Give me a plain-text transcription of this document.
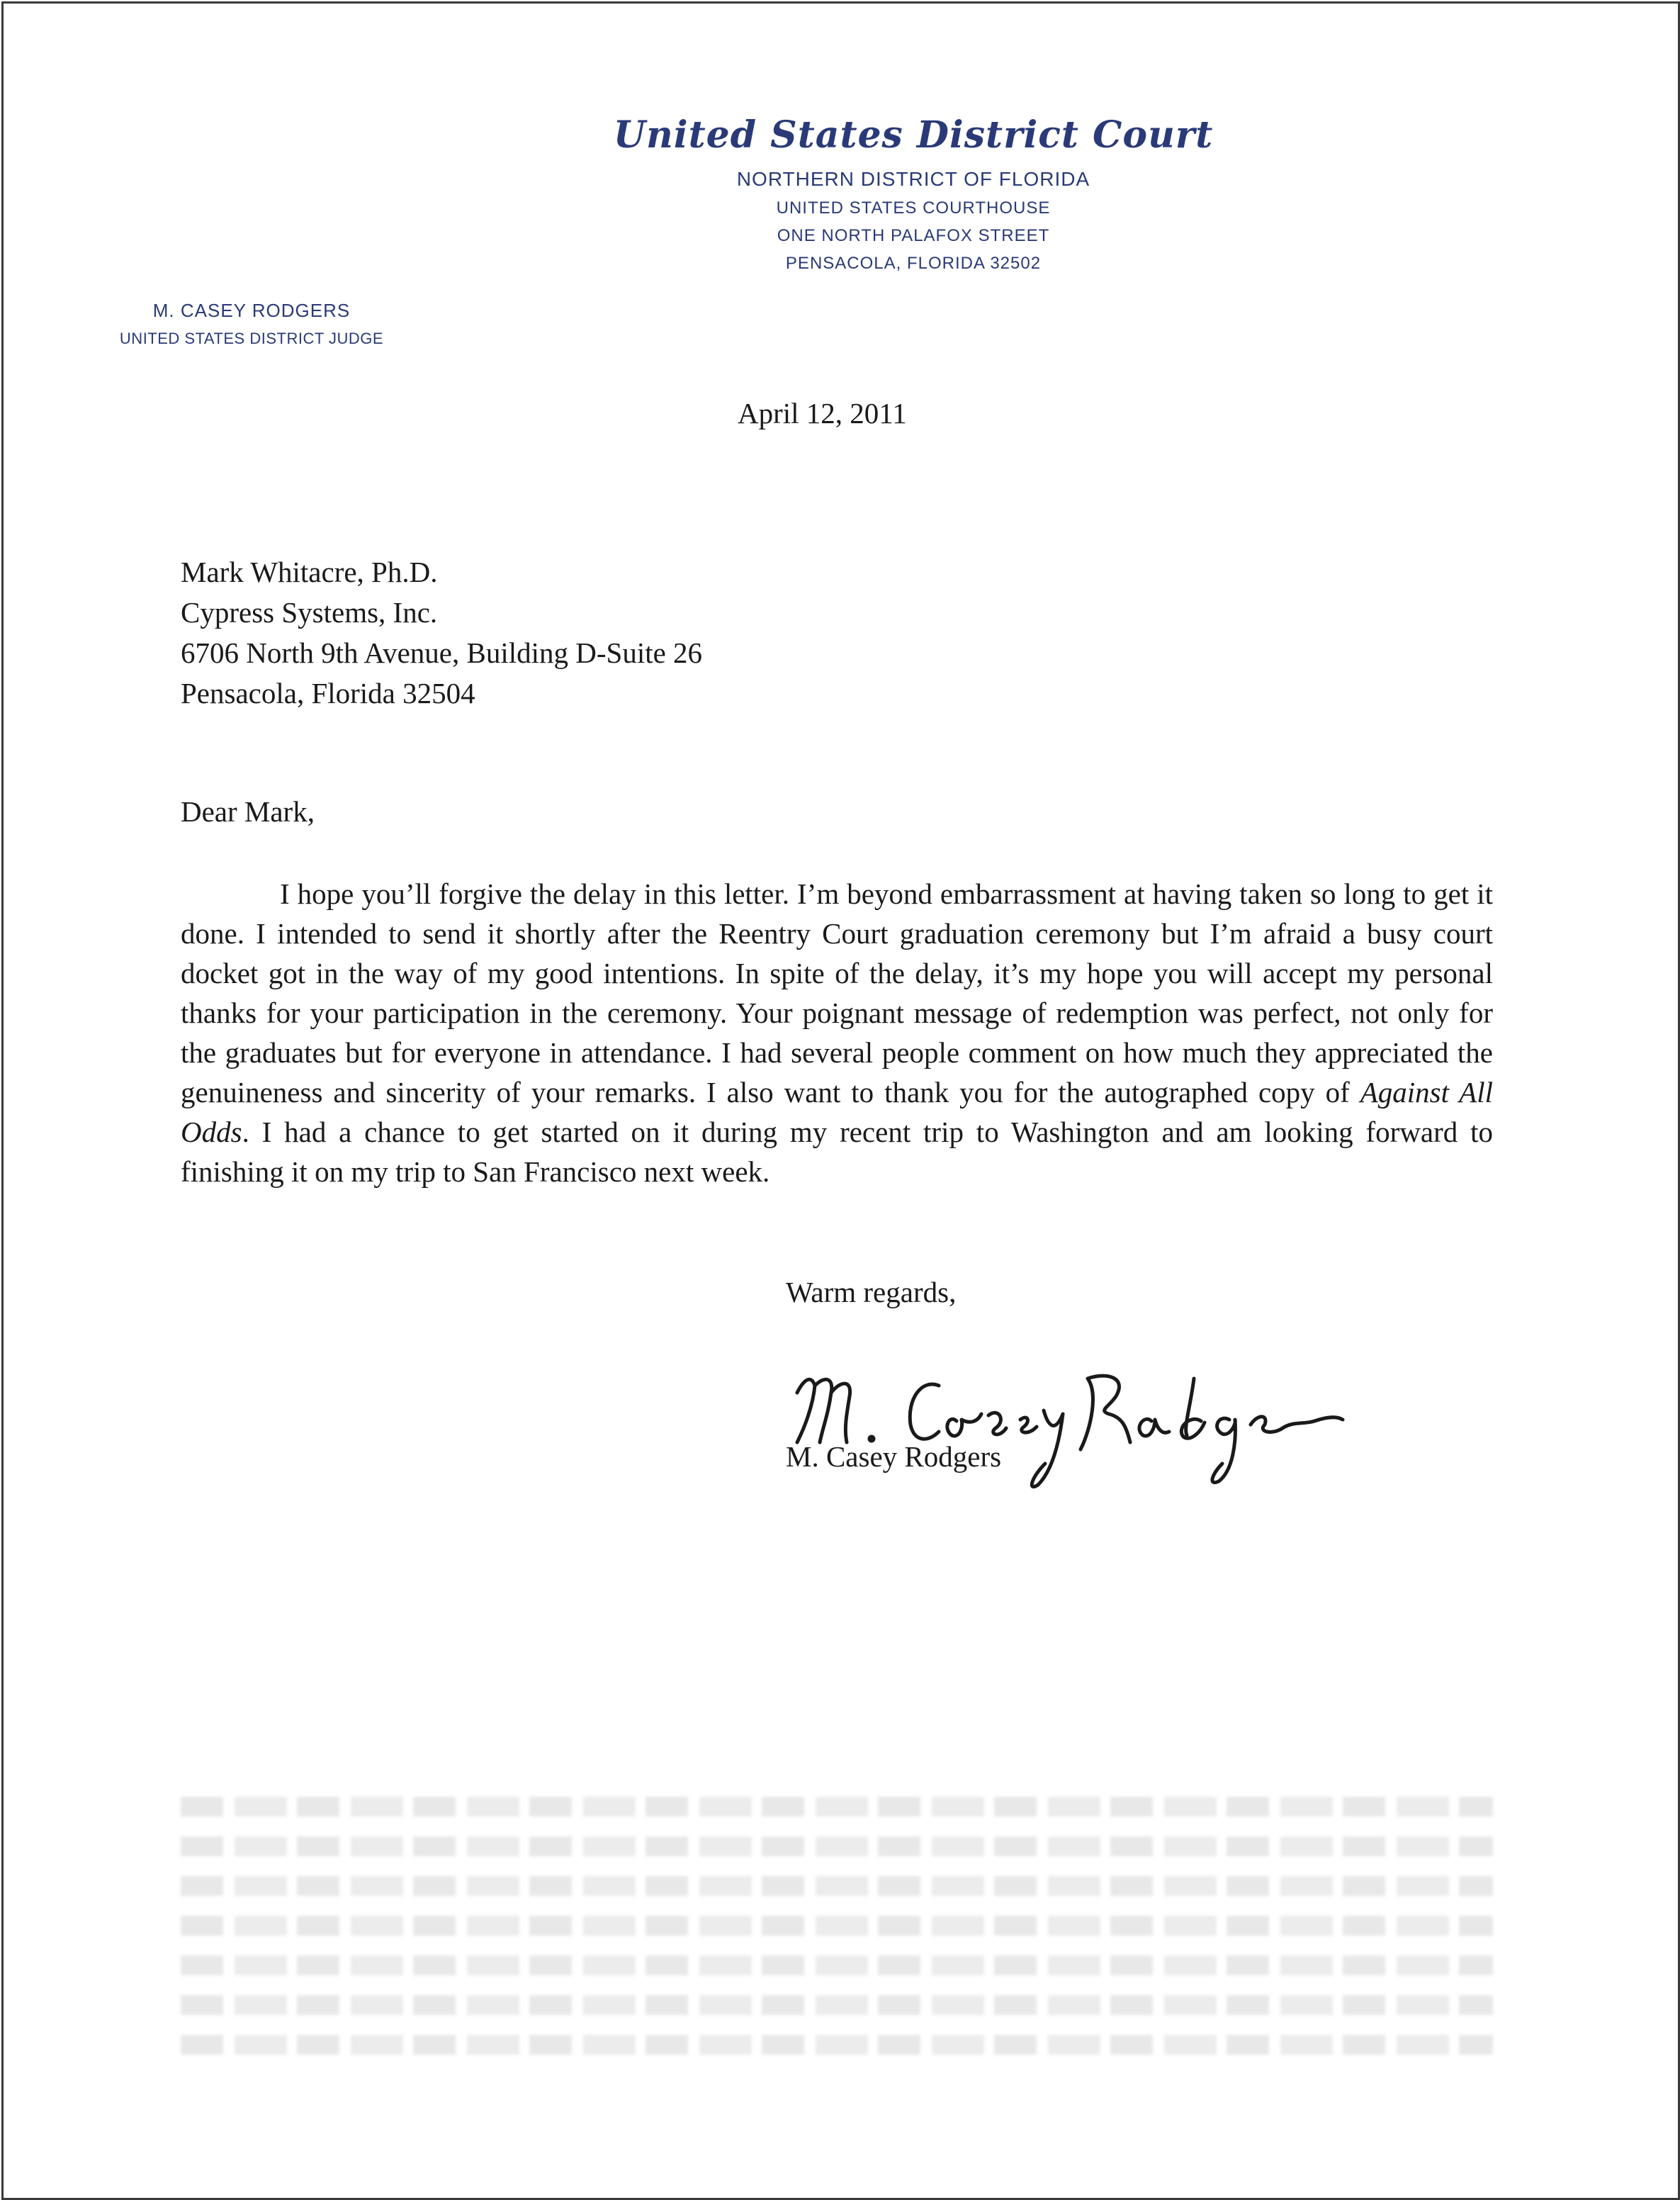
United States District Court
NORTHERN DISTRICT OF FLORIDA
UNITED STATES COURTHOUSE
ONE NORTH PALAFOX STREET
PENSACOLA, FLORIDA 32502
M. CASEY RODGERS
UNITED STATES DISTRICT JUDGE
April 12, 2011
Mark Whitacre, Ph.D.
Cypress Systems, Inc.
6706 North 9th Avenue, Building D-Suite 26
Pensacola, Florida 32504
Dear Mark,
I hope you’ll forgive the delay in this letter. I’m beyond embarrassment at having taken so long to get it done. I intended to send it shortly after the Reentry Court graduation ceremony but I’m afraid a busy court docket got in the way of my good intentions. In spite of the delay, it’s my hope you will accept my personal thanks for your participation in the ceremony. Your poignant message of redemption was perfect, not only for the graduates but for everyone in attendance. I had several people comment on how much they appreciated the genuineness and sincerity of your remarks. I also want to thank you for the autographed copy of Against All Odds. I had a chance to get started on it during my recent trip to Washington and am looking forward to finishing it on my trip to San Francisco next week.
Warm regards,
M. Casey Rodgers
